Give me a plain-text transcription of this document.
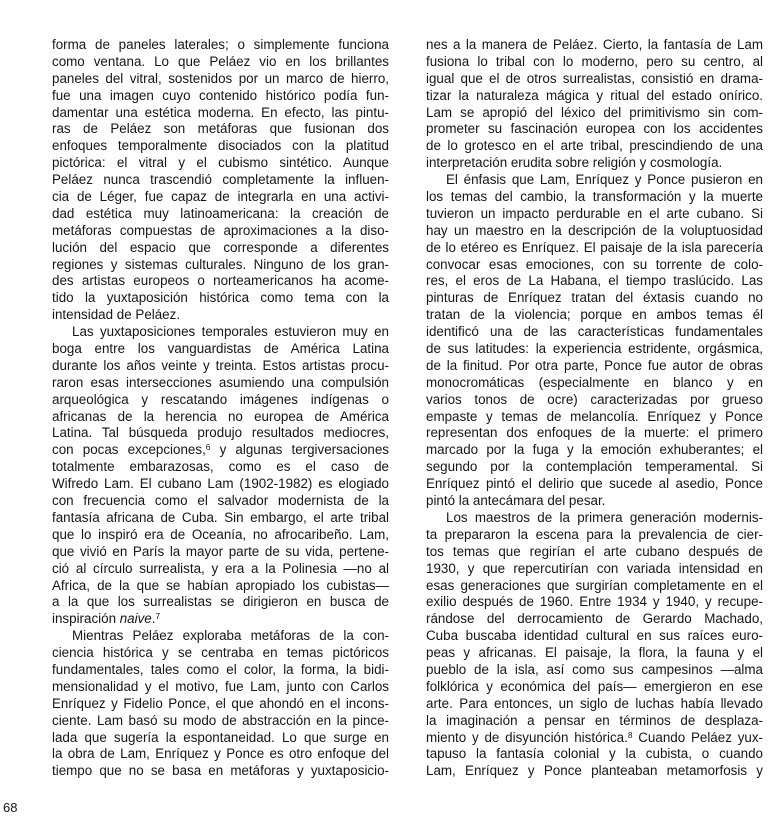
forma de paneles laterales; o simplemente funciona
como ventana. Lo que Peláez vio en los brillantes
paneles del vitral, sostenidos por un marco de hierro,
fue una imagen cuyo contenido histórico podía fun-
damentar una estética moderna. En efecto, las pintu-
ras de Peláez son metáforas que fusionan dos
enfoques temporalmente disociados con la platitud
pictórica: el vitral y el cubismo sintético. Aunque
Peláez nunca trascendió completamente la influen-
cia de Léger, fue capaz de integrarla en una activi-
dad estética muy latinoamericana: la creación de
metáforas compuestas de aproximaciones a la diso-
lución del espacio que corresponde a diferentes
regiones y sistemas culturales. Ninguno de los gran-
des artistas europeos o norteamericanos ha acome-
tido la yuxtaposición histórica como tema con la
intensidad de Peláez.
Las yuxtaposiciones temporales estuvieron muy en
boga entre los vanguardistas de América Latina
durante los años veinte y treinta. Estos artistas procu-
raron esas intersecciones asumiendo una compulsión
arqueológica y rescatando imágenes indígenas o
africanas de la herencia no europea de América
Latina. Tal búsqueda produjo resultados mediocres,
con pocas excepciones,$^6$ y algunas tergiversaciones
totalmente embarazosas, como es el caso de
Wifredo Lam. El cubano Lam (1902-1982) es elogiado
con frecuencia como el salvador modernista de la
fantasía africana de Cuba. Sin embargo, el arte tribal
que lo inspiró era de Oceanía, no afrocaribeño. Lam,
que vivió en París la mayor parte de su vida, pertene-
ció al círculo surrealista, y era a la Polinesia —no al
Africa, de la que se habían apropiado los cubistas—
a la que los surrealistas se dirigieron en busca de
inspiración naive.$^7$
Mientras Peláez exploraba metáforas de la con-
ciencia histórica y se centraba en temas pictóricos
fundamentales, tales como el color, la forma, la bidi-
mensionalidad y el motivo, fue Lam, junto con Carlos
Enríquez y Fidelio Ponce, el que ahondó en el incons-
ciente. Lam basó su modo de abstracción en la pince-
lada que sugería la espontaneidad. Lo que surge en
la obra de Lam, Enríquez y Ponce es otro enfoque del
tiempo que no se basa en metáforas y yuxtaposicio-
nes a la manera de Peláez. Cierto, la fantasía de Lam
fusiona lo tribal con lo moderno, pero su centro, al
igual que el de otros surrealistas, consistió en drama-
tizar la naturaleza mágica y ritual del estado onírico.
Lam se apropió del léxico del primitivismo sin com-
prometer su fascinación europea con los accidentes
de lo grotesco en el arte tribal, prescindiendo de una
interpretación erudita sobre religión y cosmología.
El énfasis que Lam, Enríquez y Ponce pusieron en
los temas del cambio, la transformación y la muerte
tuvieron un impacto perdurable en el arte cubano. Si
hay un maestro en la descripción de la voluptuosidad
de lo etéreo es Enríquez. El paisaje de la isla parecería
convocar esas emociones, con su torrente de colo-
res, el eros de La Habana, el tiempo traslúcido. Las
pinturas de Enríquez tratan del éxtasis cuando no
tratan de la violencia; porque en ambos temas él
identificó una de las características fundamentales
de sus latitudes: la experiencia estridente, orgásmica,
de la finitud. Por otra parte, Ponce fue autor de obras
monocromáticas (especialmente en blanco y en
varios tonos de ocre) caracterizadas por grueso
empaste y temas de melancolía. Enríquez y Ponce
representan dos enfoques de la muerte: el primero
marcado por la fuga y la emoción exhuberantes; el
segundo por la contemplación temperamental. Si
Enríquez pintó el delirio que sucede al asedio, Ponce
pintó la antecámara del pesar.
Los maestros de la primera generación modernis-
ta prepararon la escena para la prevalencia de cier-
tos temas que regirían el arte cubano después de
1930, y que repercutirían con variada intensidad en
esas generaciones que surgirían completamente en el
exilio después de 1960. Entre 1934 y 1940, y recupe-
rándose del derrocamiento de Gerardo Machado,
Cuba buscaba identidad cultural en sus raíces euro-
peas y africanas. El paisaje, la flora, la fauna y el
pueblo de la isla, así como sus campesinos —alma
folklórica y económica del país— emergieron en ese
arte. Para entonces, un siglo de luchas había llevado
la imaginación a pensar en términos de desplaza-
miento y de disyunción histórica.$^8$ Cuando Peláez yux-
tapuso la fantasía colonial y la cubista, o cuando
Lam, Enríquez y Ponce planteaban metamorfosis y
68
